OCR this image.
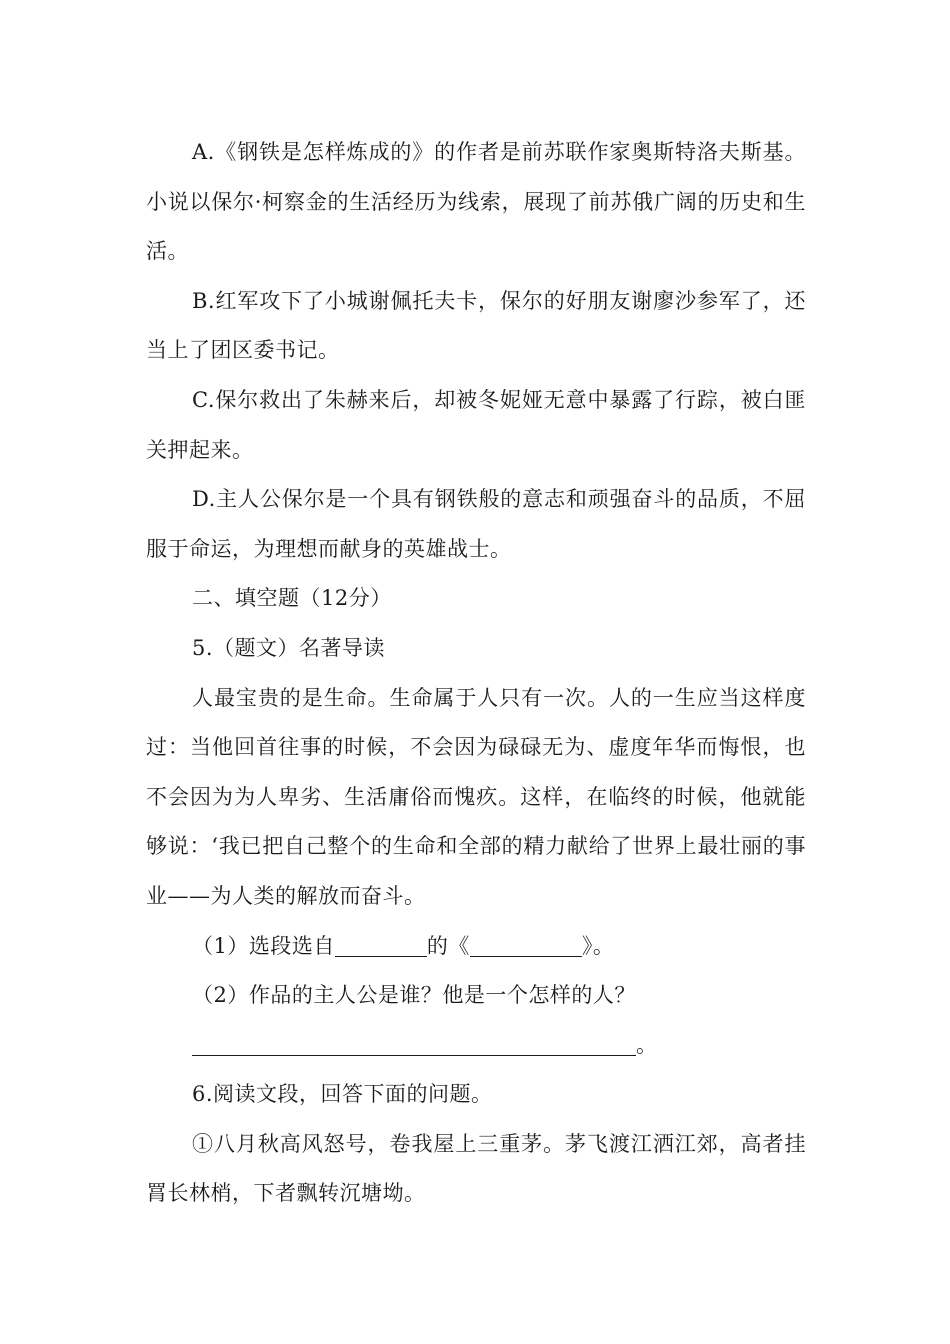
A.《钢铁是怎样炼成的》的作者是前苏联作家奥斯特洛夫斯基。小说以保尔·柯察金的生活经历为线索，展现了前苏俄广阔的历史和生活。

B.红军攻下了小城谢佩托夫卡，保尔的好朋友谢廖沙参军了，还当上了团区委书记。

C.保尔救出了朱赫来后，却被冬妮娅无意中暴露了行踪，被白匪关押起来。

D.主人公保尔是一个具有钢铁般的意志和顽强奋斗的品质，不屈服于命运，为理想而献身的英雄战士。

二、填空题（12分）

5.（题文）名著导读

人最宝贵的是生命。生命属于人只有一次。人的一生应当这样度过：当他回首往事的时候，不会因为碌碌无为、虚度年华而悔恨，也不会因为为人卑劣、生活庸俗而愧疚。这样，在临终的时候，他就能够说：‘我已把自己整个的生命和全部的精力献给了世界上最壮丽的事业——为人类的解放而奋斗。

（1）选段选自	的《	》。

（2）作品的主人公是谁？他是一个怎样的人？

。

6.阅读文段，回答下面的问题。

①八月秋高风怒号，卷我屋上三重茅。茅飞渡江洒江郊，高者挂罥长林梢，下者飘转沉塘坳。
